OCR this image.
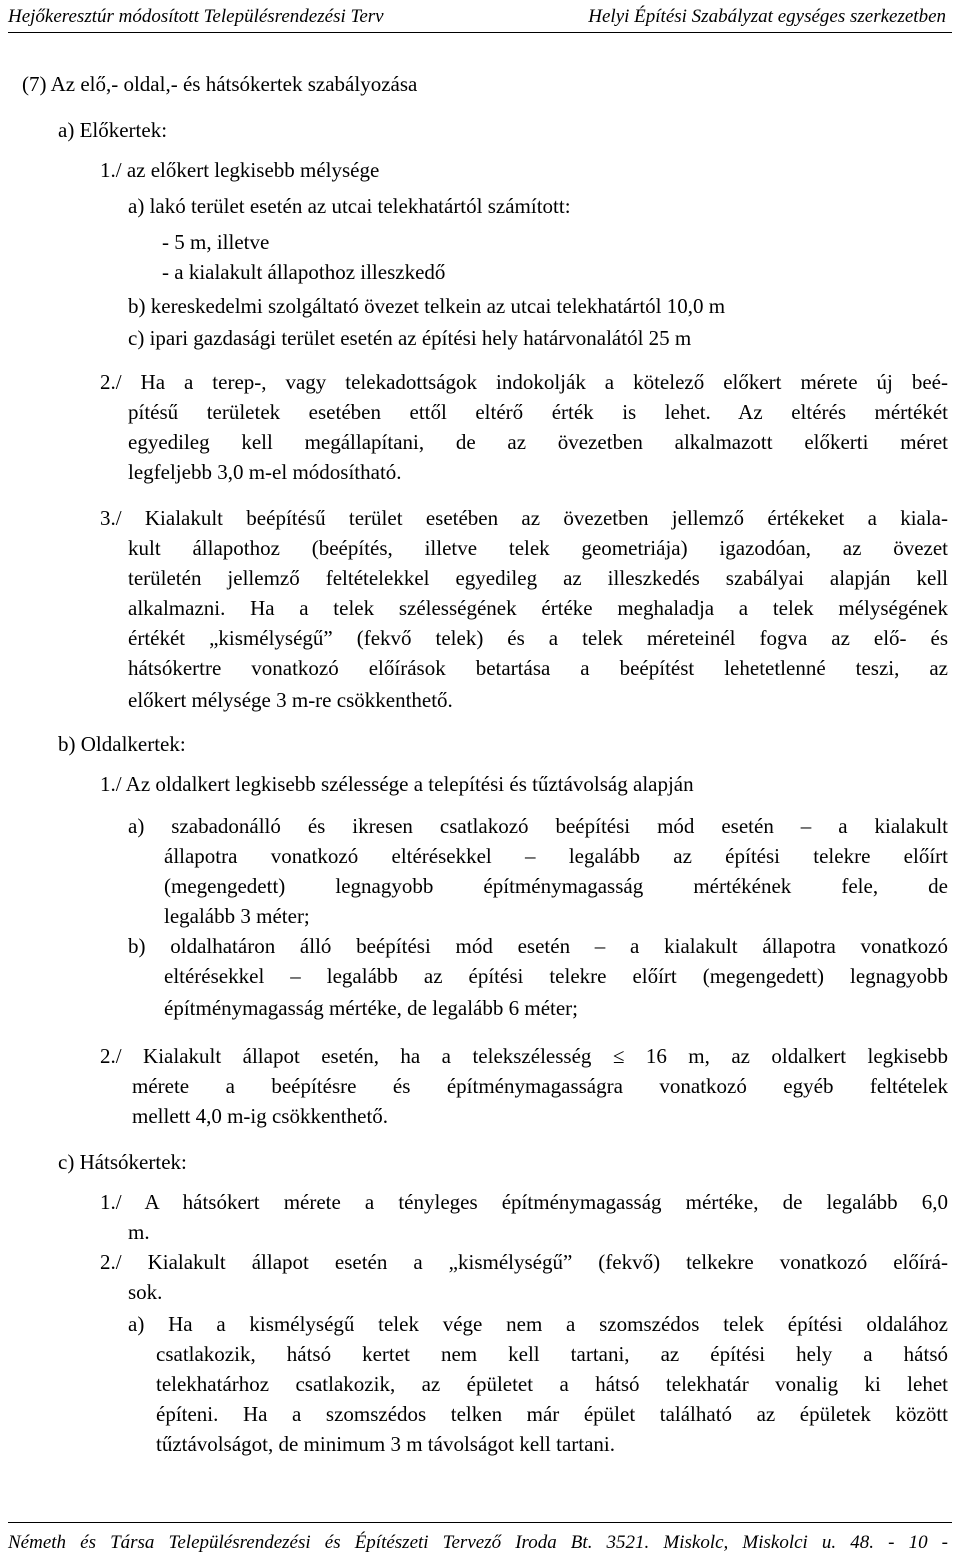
Hejőkeresztúr módosított Településrendezési Terv	Helyi Építési Szabályzat egységes szerkezetben
(7) Az elő,- oldal,- és hátsókertek szabályozása
a) Előkertek:
1./ az előkert legkisebb mélysége
a) lakó terület esetén az utcai telekhatártól számított:
- 5 m, illetve
- a kialakult állapothoz illeszkedő
b) kereskedelmi szolgáltató övezet telkein az utcai telekhatártól 10,0 m
c) ipari gazdasági terület esetén az építési hely határvonalától 25 m
2./ Ha a terep-, vagy telekadottságok indokolják a kötelező előkert mérete új beé-
pítésű területek esetében ettől eltérő érték is lehet. Az eltérés mértékét
egyedileg kell megállapítani, de az övezetben alkalmazott előkerti méret
legfeljebb 3,0 m-el módosítható.
3./ Kialakult beépítésű terület esetében az övezetben jellemző értékeket a kiala-
kult állapothoz (beépítés, illetve telek geometriája) igazodóan, az övezet
területén jellemző feltételekkel egyedileg az illeszkedés szabályai alapján kell
alkalmazni. Ha a telek szélességének értéke meghaladja a telek mélységének
értékét „kismélységű” (fekvő telek) és a telek méreteinél fogva az elő- és
hátsókertre vonatkozó előírások betartása a beépítést lehetetlenné teszi, az
előkert mélysége 3 m-re csökkenthető.
b) Oldalkertek:
1./ Az oldalkert legkisebb szélessége a telepítési és tűztávolság alapján
a) szabadonálló és ikresen csatlakozó beépítési mód esetén – a kialakult
állapotra vonatkozó eltérésekkel – legalább az építési telekre előírt
(megengedett) legnagyobb építménymagasság mértékének fele, de
legalább 3 méter;
b) oldalhatáron álló beépítési mód esetén – a kialakult állapotra vonatkozó
eltérésekkel – legalább az építési telekre előírt (megengedett) legnagyobb
építménymagasság mértéke, de legalább 6 méter;
2./ Kialakult állapot esetén, ha a telekszélesség ≤ 16 m, az oldalkert legkisebb
mérete a beépítésre és építménymagasságra vonatkozó egyéb feltételek
mellett 4,0 m-ig csökkenthető.
c) Hátsókertek:
1./ A hátsókert mérete a tényleges építménymagasság mértéke, de legalább 6,0
m.
2./ Kialakult állapot esetén a „kismélységű” (fekvő) telkekre vonatkozó előírá-
sok.
a) Ha a kismélységű telek vége nem a szomszédos telek építési oldalához
csatlakozik, hátsó kertet nem kell tartani, az építési hely a hátsó
telekhatárhoz csatlakozik, az épületet a hátsó telekhatár vonalig ki lehet
építeni. Ha a szomszédos telken már épület található az épületek között
tűztávolságot, de minimum 3 m távolságot kell tartani.
Németh és Társa Településrendezési és Építészeti Tervező Iroda Bt. 3521. Miskolc, Miskolci u. 48. - 10 -
